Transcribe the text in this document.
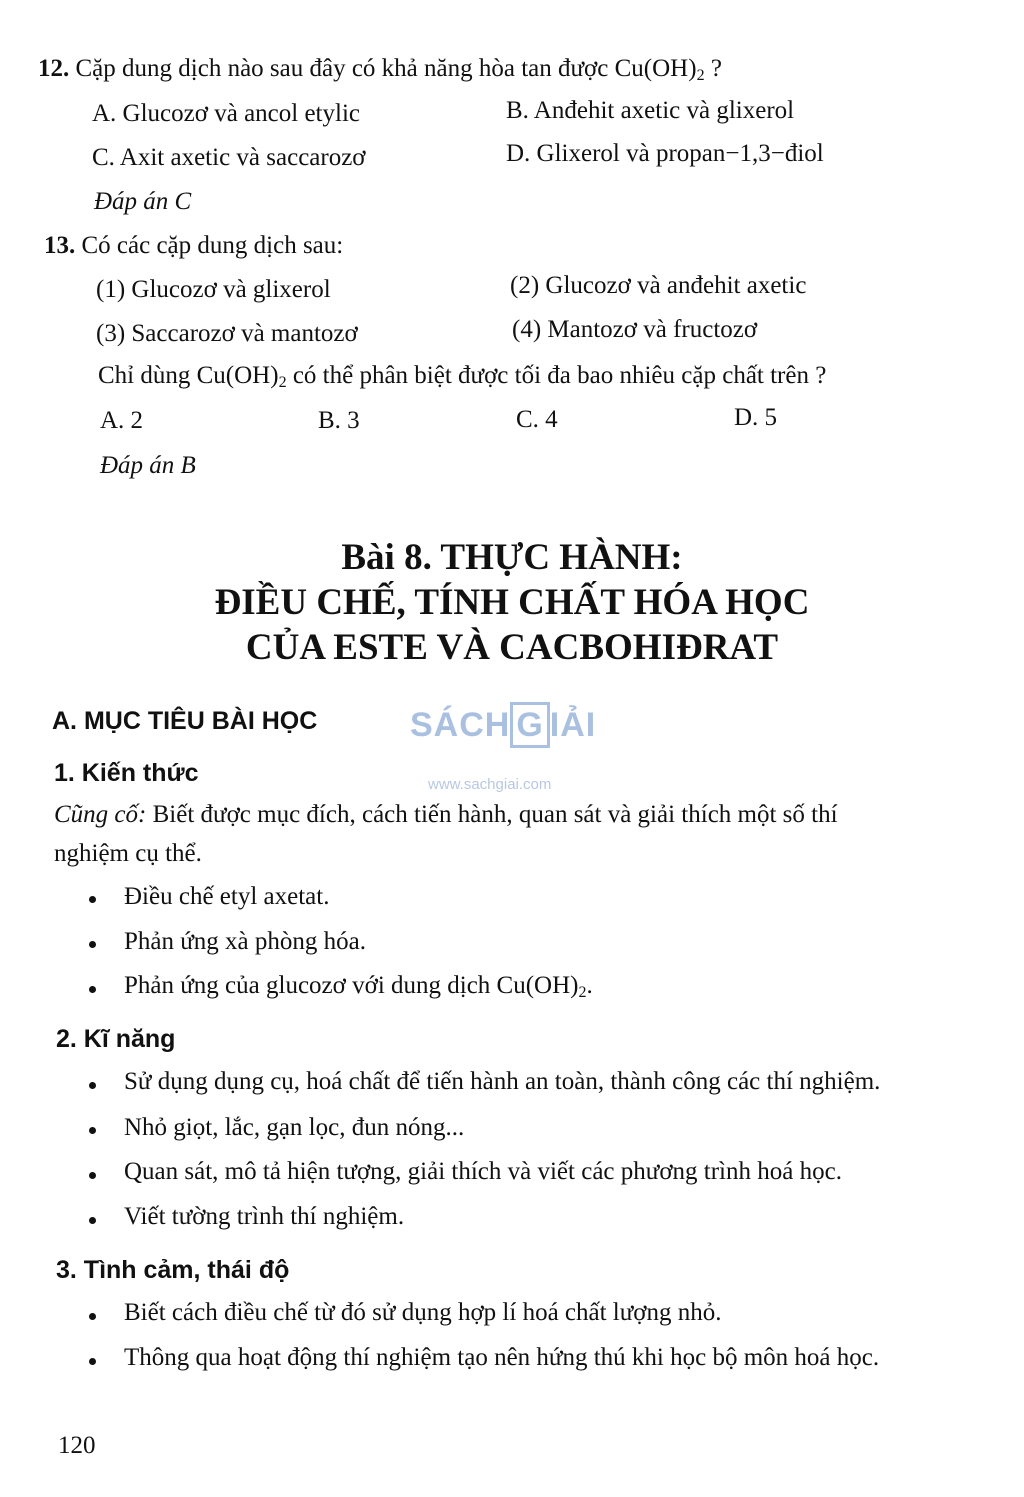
12. Cặp dung dịch nào sau đây có khả năng hòa tan được $Cu(OH)_2$ ?
A. Glucozơ và ancol etylic	B. Anđehit axetic và glixerol
C. Axit axetic và saccarozơ	D. Glixerol và propan−1,3−điol
Đáp án C
13. Có các cặp dung dịch sau:
(1) Glucozơ và glixerol	(2) Glucozơ và anđehit axetic
(3) Saccarozơ và mantozơ	(4) Mantozơ và fructozơ
Chỉ dùng $Cu(OH)_2$ có thể phân biệt được tối đa bao nhiêu cặp chất trên ?
A. 2	B. 3	C. 4	D. 5
Đáp án B
Bài 8. THỰC HÀNH:
ĐIỀU CHẾ, TÍNH CHẤT HÓA HỌC
CỦA ESTE VÀ CACBOHIĐRAT
SÁCH G IẢI
www.sachgiai.com
A. MỤC TIÊU BÀI HỌC
1. Kiến thức
Cũng cố: Biết được mục đích, cách tiến hành, quan sát và giải thích một số thí
nghiệm cụ thể.
Điều chế etyl axetat.
Phản ứng xà phòng hóa.
Phản ứng của glucozơ với dung dịch $Cu(OH)_2$.
2. Kĩ năng
Sử dụng dụng cụ, hoá chất để tiến hành an toàn, thành công các thí nghiệm.
Nhỏ giọt, lắc, gạn lọc, đun nóng...
Quan sát, mô tả hiện tượng, giải thích và viết các phương trình hoá học.
Viết tường trình thí nghiệm.
3. Tình cảm, thái độ
Biết cách điều chế từ đó sử dụng hợp lí hoá chất lượng nhỏ.
Thông qua hoạt động thí nghiệm tạo nên hứng thú khi học bộ môn hoá học.
120
